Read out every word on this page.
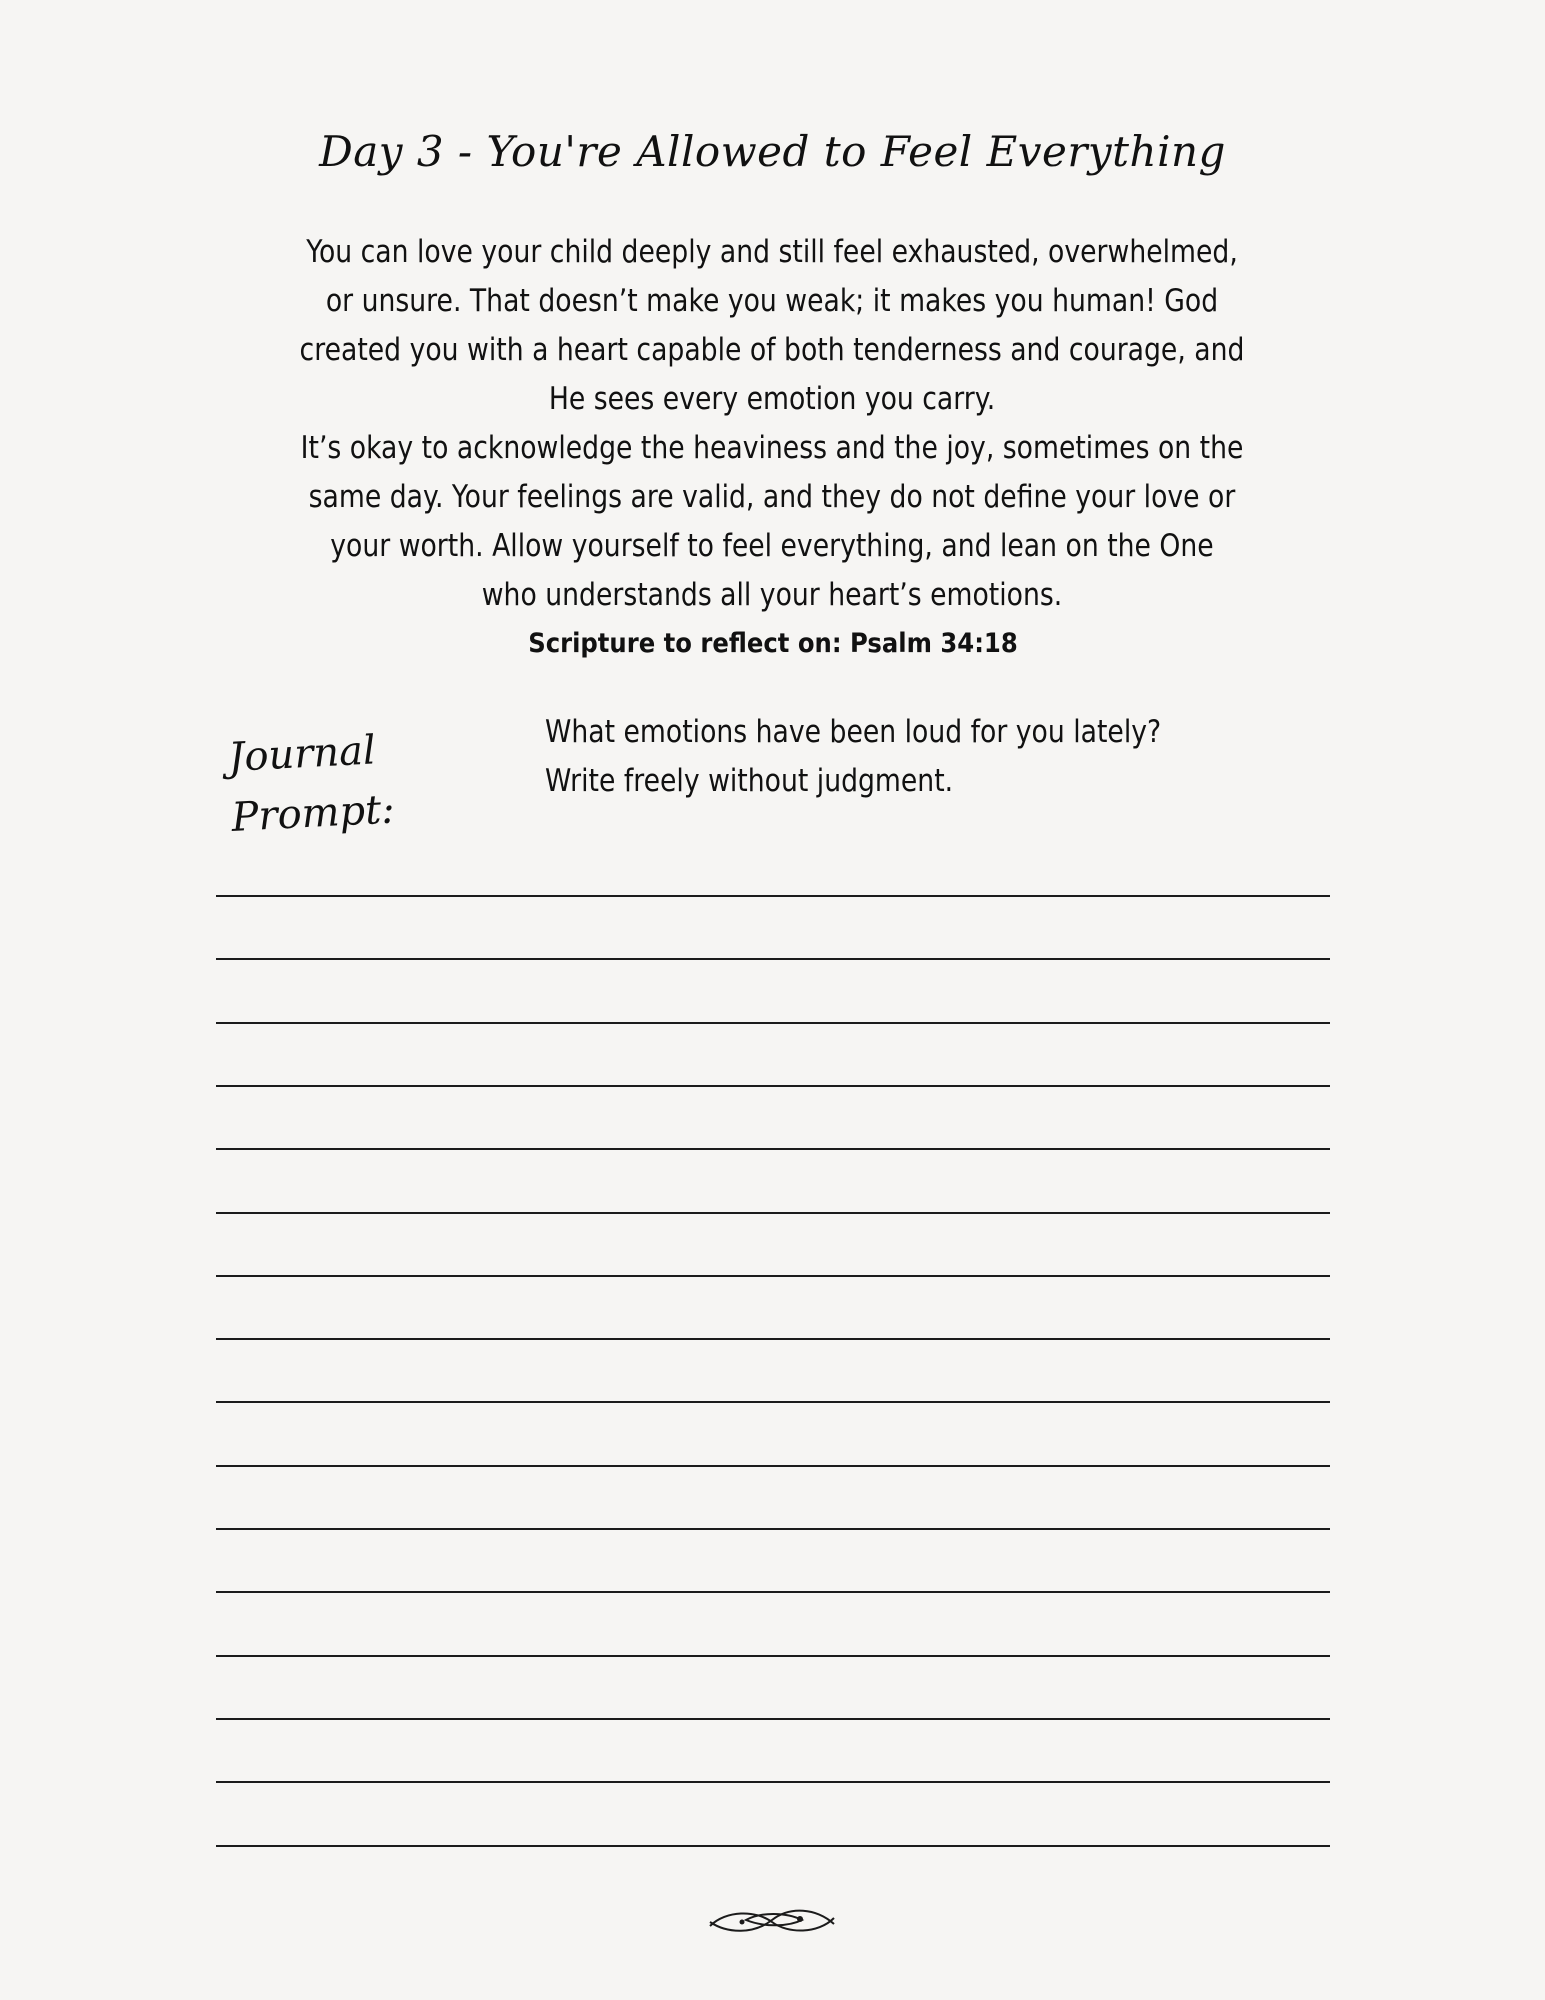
Day 3 - You're Allowed to Feel Everything

You can love your child deeply and still feel exhausted, overwhelmed, or unsure. That doesn’t make you weak; it makes you human! God created you with a heart capable of both tenderness and courage, and He sees every emotion you carry.

It’s okay to acknowledge the heaviness and the joy, sometimes on the same day. Your feelings are valid, and they do not define your love or your worth. Allow yourself to feel everything, and lean on the One who understands all your heart’s emotions.

Scripture to reflect on: Psalm 34:18
Journal Prompt:
What emotions have been loud for you lately?
Write freely without judgment.
